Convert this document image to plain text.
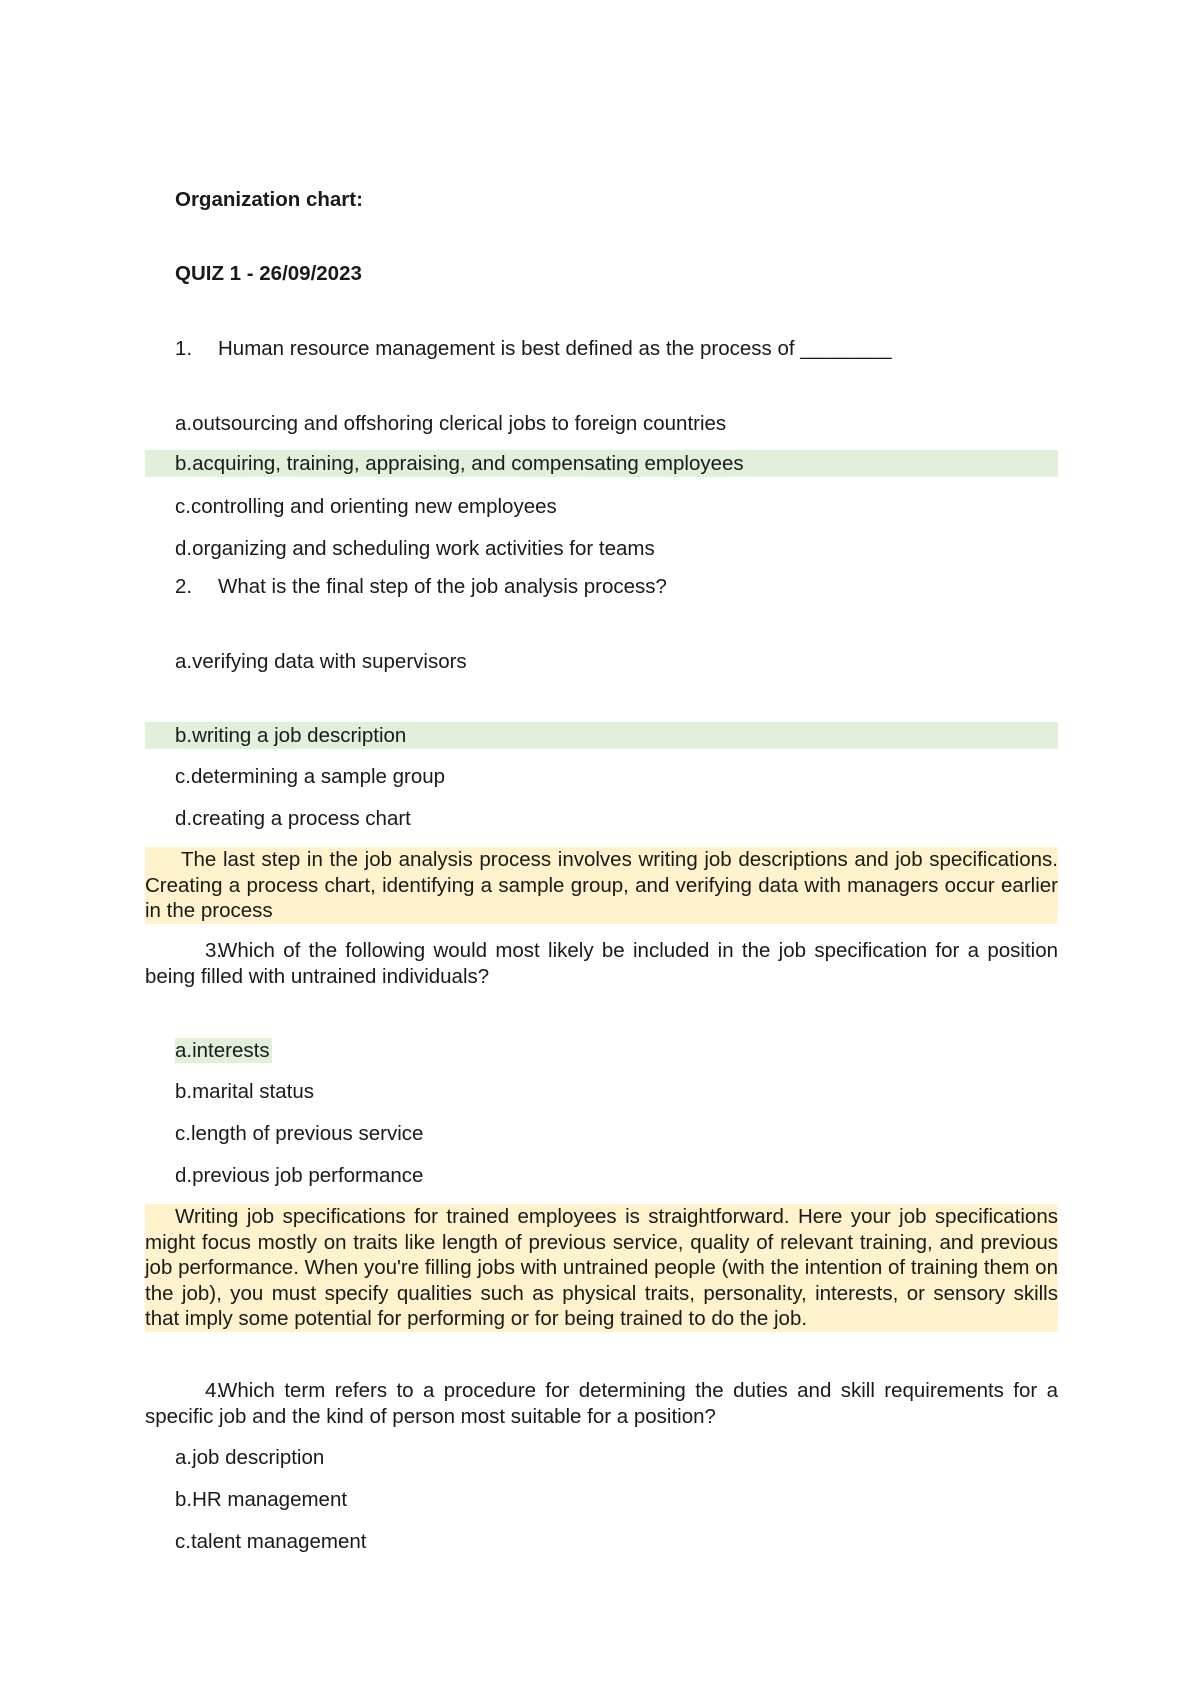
Organization chart:
QUIZ 1 - 26/09/2023
1. Human resource management is best defined as the process of ________
a.outsourcing and offshoring clerical jobs to foreign countries
b.acquiring, training, appraising, and compensating employees
c.controlling and orienting new employees
d.organizing and scheduling work activities for teams
2. What is the final step of the job analysis process?
a.verifying data with supervisors
b.writing a job description
c.determining a sample group
d.creating a process chart
The last step in the job analysis process involves writing job descriptions and job specifications. Creating a process chart, identifying a sample group, and verifying data with managers occur earlier in the process
3.Which of the following would most likely be included in the job specification for a position being filled with untrained individuals?
a.interests
b.marital status
c.length of previous service
d.previous job performance
Writing job specifications for trained employees is straightforward. Here your job specifications might focus mostly on traits like length of previous service, quality of relevant training, and previous job performance. When you're filling jobs with untrained people (with the intention of training them on the job), you must specify qualities such as physical traits, personality, interests, or sensory skills that imply some potential for performing or for being trained to do the job.
4.Which term refers to a procedure for determining the duties and skill requirements for a specific job and the kind of person most suitable for a position?
a.job description
b.HR management
c.talent management
